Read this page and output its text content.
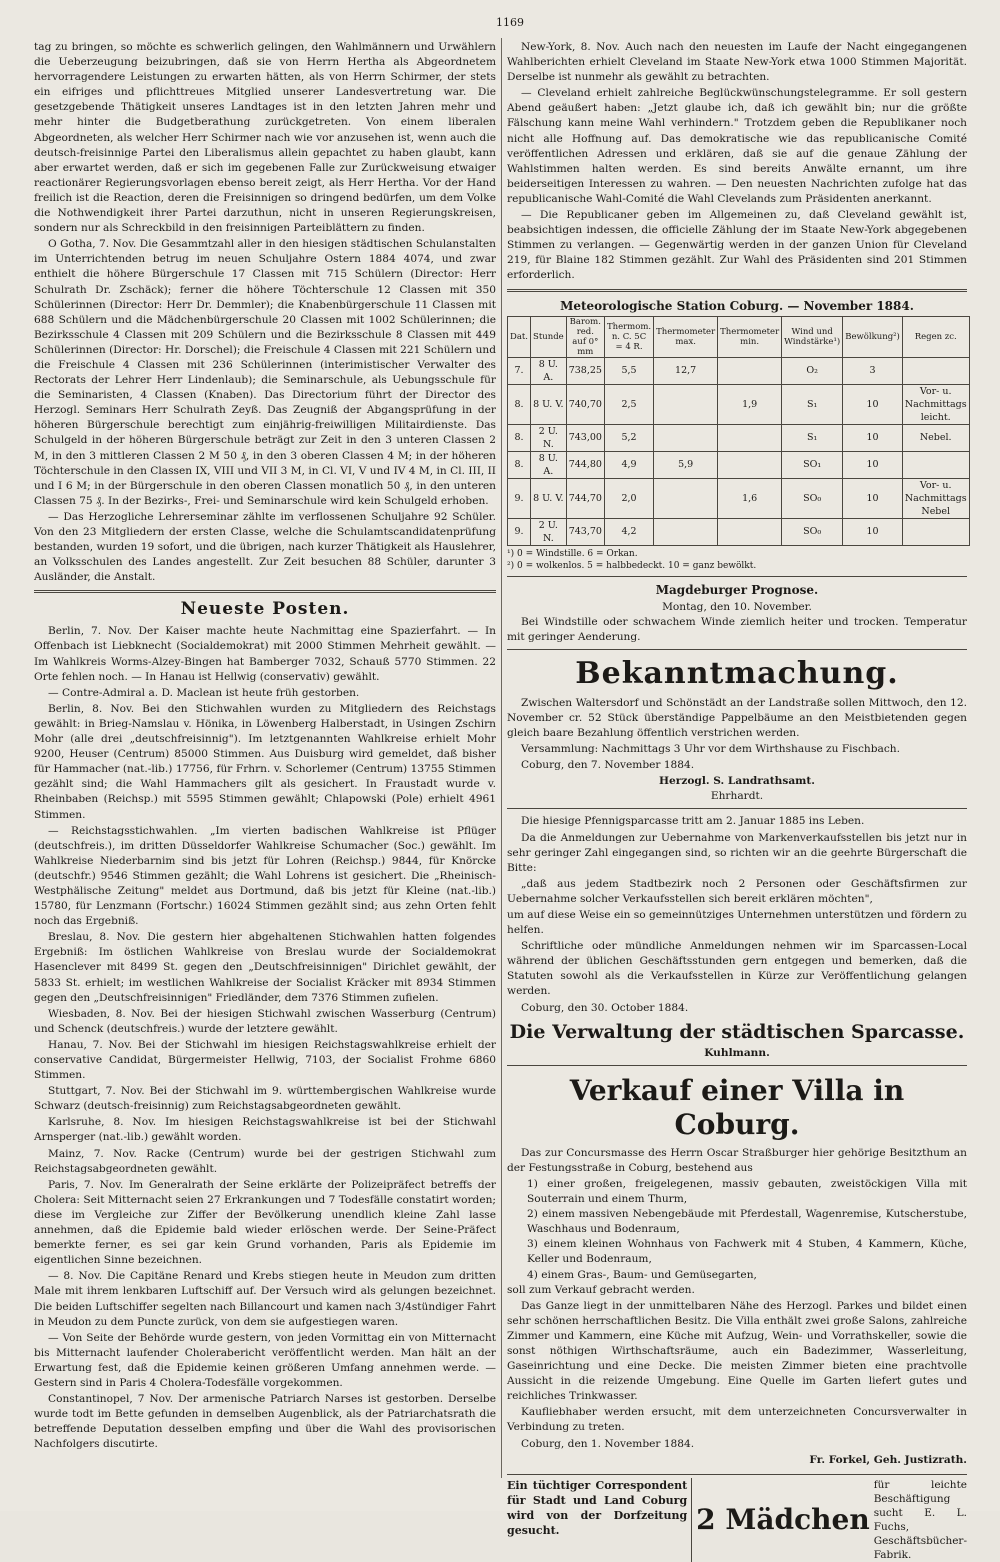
1169

tag zu bringen, so möchte es schwerlich gelingen, den Wahlmännern und Urwählern die Ueberzeugung beizubringen, daß sie von Herrn Hertha als Abgeordnetem hervorragendere Leistungen zu erwarten hätten, als von Herrn Schirmer, der stets ein eifriges und pflichttreues Mitglied unserer Landesvertretung war. Die gesetzgebende Thätigkeit unseres Landtages ist in den letzten Jahren mehr und mehr hinter die Budgetberathung zurückgetreten. Von einem liberalen Abgeordneten, als welcher Herr Schirmer nach wie vor anzusehen ist, wenn auch die deutsch-freisinnige Partei den Liberalismus allein gepachtet zu haben glaubt, kann aber erwartet werden, daß er sich im gegebenen Falle zur Zurückweisung etwaiger reactionärer Regierungsvorlagen ebenso bereit zeigt, als Herr Hertha. Vor der Hand freilich ist die Reaction, deren die Freisinnigen so dringend bedürfen, um dem Volke die Nothwendigkeit ihrer Partei darzuthun, nicht in unseren Regierungskreisen, sondern nur als Schreckbild in den freisinnigen Parteiblättern zu finden.

O Gotha, 7. Nov. Die Gesammtzahl aller in den hiesigen städtischen Schulanstalten im Unterrichtenden betrug im neuen Schuljahre Ostern 1884 4074, und zwar enthielt die höhere Bürgerschule 17 Classen mit 715 Schülern (Director: Herr Schulrath Dr. Zschäck); ferner die höhere Töchterschule 12 Classen mit 350 Schülerinnen (Director: Herr Dr. Demmler); die Knabenbürgerschule 11 Classen mit 688 Schülern und die Mädchenbürgerschule 20 Classen mit 1002 Schülerinnen; die Bezirksschule 4 Classen mit 209 Schülern und die Bezirksschule 8 Classen mit 449 Schülerinnen (Director: Hr. Dorschel); die Freischule 4 Classen mit 221 Schülern und die Freischule 4 Classen mit 236 Schülerinnen (interimistischer Verwalter des Rectorats der Lehrer Herr Lindenlaub); die Seminarschule, als Uebungsschule für die Seminaristen, 4 Classen (Knaben). Das Directorium führt der Director des Herzogl. Seminars Herr Schulrath Zeyß. Das Zeugniß der Abgangsprüfung in der höheren Bürgerschule berechtigt zum einjährig-freiwilligen Militairdienste. Das Schulgeld in der höheren Bürgerschule beträgt zur Zeit in den 3 unteren Classen 2 M, in den 3 mittleren Classen 2 M 50 ₰, in den 3 oberen Classen 4 M; in der höheren Töchterschule in den Classen IX, VIII und VII 3 M, in Cl. VI, V und IV 4 M, in Cl. III, II und I 6 M; in der Bürgerschule in den oberen Classen monatlich 50 ₰, in den unteren Classen 75 ₰. In der Bezirks-, Frei- und Seminarschule wird kein Schulgeld erhoben.

— Das Herzogliche Lehrerseminar zählte im verflossenen Schuljahre 92 Schüler. Von den 23 Mitgliedern der ersten Classe, welche die Schulamtscandidatenprüfung bestanden, wurden 19 sofort, und die übrigen, nach kurzer Thätigkeit als Hauslehrer, an Volksschulen des Landes angestellt. Zur Zeit besuchen 88 Schüler, darunter 3 Ausländer, die Anstalt.

Neueste Posten.

Berlin, 7. Nov. Der Kaiser machte heute Nachmittag eine Spazierfahrt. — In Offenbach ist Liebknecht (Socialdemokrat) mit 2000 Stimmen Mehrheit gewählt. — Im Wahlkreis Worms-Alzey-Bingen hat Bamberger 7032, Schauß 5770 Stimmen. 22 Orte fehlen noch. — In Hanau ist Hellwig (conservativ) gewählt.

— Contre-Admiral a. D. Maclean ist heute früh gestorben.

Berlin, 8. Nov. Bei den Stichwahlen wurden zu Mitgliedern des Reichstags gewählt: in Brieg-Namslau v. Hönika, in Löwenberg Halberstadt, in Usingen Zschirn Mohr (alle drei „deutschfreisinnig"). Im letztgenannten Wahlkreise erhielt Mohr 9200, Heuser (Centrum) 85000 Stimmen. Aus Duisburg wird gemeldet, daß bisher für Hammacher (nat.-lib.) 17756, für Frhrn. v. Schorlemer (Centrum) 13755 Stimmen gezählt sind; die Wahl Hammachers gilt als gesichert. In Fraustadt wurde v. Rheinbaben (Reichsp.) mit 5595 Stimmen gewählt; Chlapowski (Pole) erhielt 4961 Stimmen.

— Reichstagsstichwahlen. „Im vierten badischen Wahlkreise ist Pflüger (deutschfreis.), im dritten Düsseldorfer Wahlkreise Schumacher (Soc.) gewählt. Im Wahlkreise Niederbarnim sind bis jetzt für Lohren (Reichsp.) 9844, für Knörcke (deutschfr.) 9546 Stimmen gezählt; die Wahl Lohrens ist gesichert. Die „Rheinisch-Westphälische Zeitung" meldet aus Dortmund, daß bis jetzt für Kleine (nat.-lib.) 15780, für Lenzmann (Fortschr.) 16024 Stimmen gezählt sind; aus zehn Orten fehlt noch das Ergebniß.

Breslau, 8. Nov. Die gestern hier abgehaltenen Stichwahlen hatten folgendes Ergebniß: Im östlichen Wahlkreise von Breslau wurde der Socialdemokrat Hasenclever mit 8499 St. gegen den „Deutschfreisinnigen" Dirichlet gewählt, der 5833 St. erhielt; im westlichen Wahlkreise der Socialist Kräcker mit 8934 Stimmen gegen den „Deutschfreisinnigen" Friedländer, dem 7376 Stimmen zufielen.

Wiesbaden, 8. Nov. Bei der hiesigen Stichwahl zwischen Wasserburg (Centrum) und Schenck (deutschfreis.) wurde der letztere gewählt.

Hanau, 7. Nov. Bei der Stichwahl im hiesigen Reichstagswahlkreise erhielt der conservative Candidat, Bürgermeister Hellwig, 7103, der Socialist Frohme 6860 Stimmen.

Stuttgart, 7. Nov. Bei der Stichwahl im 9. württembergischen Wahlkreise wurde Schwarz (deutsch-freisinnig) zum Reichstagsabgeordneten gewählt.

Karlsruhe, 8. Nov. Im hiesigen Reichstagswahlkreise ist bei der Stichwahl Arnsperger (nat.-lib.) gewählt worden.

Mainz, 7. Nov. Racke (Centrum) wurde bei der gestrigen Stichwahl zum Reichstagsabgeordneten gewählt.

Paris, 7. Nov. Im Generalrath der Seine erklärte der Polizeipräfect betreffs der Cholera: Seit Mitternacht seien 27 Erkrankungen und 7 Todesfälle constatirt worden; diese im Vergleiche zur Ziffer der Bevölkerung unendlich kleine Zahl lasse annehmen, daß die Epidemie bald wieder erlöschen werde. Der Seine-Präfect bemerkte ferner, es sei gar kein Grund vorhanden, Paris als Epidemie im eigentlichen Sinne bezeichnen.

— 8. Nov. Die Capitäne Renard und Krebs stiegen heute in Meudon zum dritten Male mit ihrem lenkbaren Luftschiff auf. Der Versuch wird als gelungen bezeichnet. Die beiden Luftschiffer segelten nach Billancourt und kamen nach 3/4stündiger Fahrt in Meudon zu dem Puncte zurück, von dem sie aufgestiegen waren.

— Von Seite der Behörde wurde gestern, von jeden Vormittag ein von Mitternacht bis Mitternacht laufender Cholerabericht veröffentlicht werden. Man hält an der Erwartung fest, daß die Epidemie keinen größeren Umfang annehmen werde. — Gestern sind in Paris 4 Cholera-Todesfälle vorgekommen.

Constantinopel, 7 Nov. Der armenische Patriarch Narses ist gestorben. Derselbe wurde todt im Bette gefunden in demselben Augenblick, als der Patriarchatsrath die betreffende Deputation desselben empfing und über die Wahl des provisorischen Nachfolgers discutirte.

New-York, 8. Nov. Auch nach den neuesten im Laufe der Nacht eingegangenen Wahlberichten erhielt Cleveland im Staate New-York etwa 1000 Stimmen Majorität. Derselbe ist nunmehr als gewählt zu betrachten.

— Cleveland erhielt zahlreiche Beglückwünschungstelegramme. Er soll gestern Abend geäußert haben: „Jetzt glaube ich, daß ich gewählt bin; nur die größte Fälschung kann meine Wahl verhindern." Trotzdem geben die Republikaner noch nicht alle Hoffnung auf. Das demokratische wie das republicanische Comité veröffentlichen Adressen und erklären, daß sie auf die genaue Zählung der Wahlstimmen halten werden. Es sind bereits Anwälte ernannt, um ihre beiderseitigen Interessen zu wahren. — Den neuesten Nachrichten zufolge hat das republicanische Wahl-Comité die Wahl Clevelands zum Präsidenten anerkannt.

— Die Republicaner geben im Allgemeinen zu, daß Cleveland gewählt ist, beabsichtigen indessen, die officielle Zählung der im Staate New-York abgegebenen Stimmen zu verlangen. — Gegenwärtig werden in der ganzen Union für Cleveland 219, für Blaine 182 Stimmen gezählt. Zur Wahl des Präsidenten sind 201 Stimmen erforderlich.

Meteorologische Station Coburg. — November 1884.
Dat.	Stunde	Barom. red. auf 0° mm	Thermom. n. C. 5C = 4 R.	Thermometer max.	Thermometer min.	Wind und Windstärke¹)	Bewölkung²)	Regen zc.
7.	8 U. A.	738,25	5,5	12,7		O₂	3	
8.	8 U. V.	740,70	2,5		1,9	S₁	10	Vor- u. Nachmittags leicht.
8.	2 U. N.	743,00	5,2			S₁	10	Nebel.
8.	8 U. A.	744,80	4,9	5,9		SO₁	10	
9.	8 U. V.	744,70	2,0		1,6	SO₀	10	Vor- u. Nachmittags Nebel
9.	2 U. N.	743,70	4,2			SO₀	10	
¹) 0 = Windstille. 6 = Orkan.
²) 0 = wolkenlos. 5 = halbbedeckt. 10 = ganz bewölkt.
Magdeburger Prognose.
Montag, den 10. November.

Bei Windstille oder schwachem Winde ziemlich heiter und trocken. Temperatur mit geringer Aenderung.

Bekanntmachung.

Zwischen Waltersdorf und Schönstädt an der Landstraße sollen Mittwoch, den 12. November cr. 52 Stück überständige Pappelbäume an den Meistbietenden gegen gleich baare Bezahlung öffentlich verstrichen werden.

Versammlung: Nachmittags 3 Uhr vor dem Wirthshause zu Fischbach.

Coburg, den 7. November 1884.

Herzogl. S. Landrathsamt.
Ehrhardt.

Die hiesige Pfennigsparcasse tritt am 2. Januar 1885 ins Leben.

Da die Anmeldungen zur Uebernahme von Markenverkaufsstellen bis jetzt nur in sehr geringer Zahl eingegangen sind, so richten wir an die geehrte Bürgerschaft die Bitte:

„daß aus jedem Stadtbezirk noch 2 Personen oder Geschäftsfirmen zur Uebernahme solcher Verkaufsstellen sich bereit erklären möchten",

um auf diese Weise ein so gemeinnütziges Unternehmen unterstützen und fördern zu helfen.

Schriftliche oder mündliche Anmeldungen nehmen wir im Sparcassen-Local während der üblichen Geschäftsstunden gern entgegen und bemerken, daß die Statuten sowohl als die Verkaufsstellen in Kürze zur Veröffentlichung gelangen werden.

Coburg, den 30. October 1884.

Die Verwaltung der städtischen Sparcasse.
Kuhlmann.
Verkauf einer Villa in Coburg.

Das zur Concursmasse des Herrn Oscar Straßburger hier gehörige Besitzthum an der Festungsstraße in Coburg, bestehend aus

1) einer großen, freigelegenen, massiv gebauten, zweistöckigen Villa mit Souterrain und einem Thurm,
2) einem massiven Nebengebäude mit Pferdestall, Wagenremise, Kutscherstube, Waschhaus und Bodenraum,
3) einem kleinen Wohnhaus von Fachwerk mit 4 Stuben, 4 Kammern, Küche, Keller und Bodenraum,
4) einem Gras-, Baum- und Gemüsegarten,

soll zum Verkauf gebracht werden.

Das Ganze liegt in der unmittelbaren Nähe des Herzogl. Parkes und bildet einen sehr schönen herrschaftlichen Besitz. Die Villa enthält zwei große Salons, zahlreiche Zimmer und Kammern, eine Küche mit Aufzug, Wein- und Vorrathskeller, sowie die sonst nöthigen Wirthschaftsräume, auch ein Badezimmer, Wasserleitung, Gaseinrichtung und eine Decke. Die meisten Zimmer bieten eine prachtvolle Aussicht in die reizende Umgebung. Eine Quelle im Garten liefert gutes und reichliches Trinkwasser.

Kaufliebhaber werden ersucht, mit dem unterzeichneten Concursverwalter in Verbindung zu treten.

Coburg, den 1. November 1884.

Fr. Forkel, Geh. Justizrath.
Ein tüchtiger Correspondent für Stadt und Land Coburg wird von der Dorfzeitung gesucht.	2 Mädchen
für leichte Beschäftigung sucht E. L. Fuchs, Geschäftsbücher-Fabrik.
